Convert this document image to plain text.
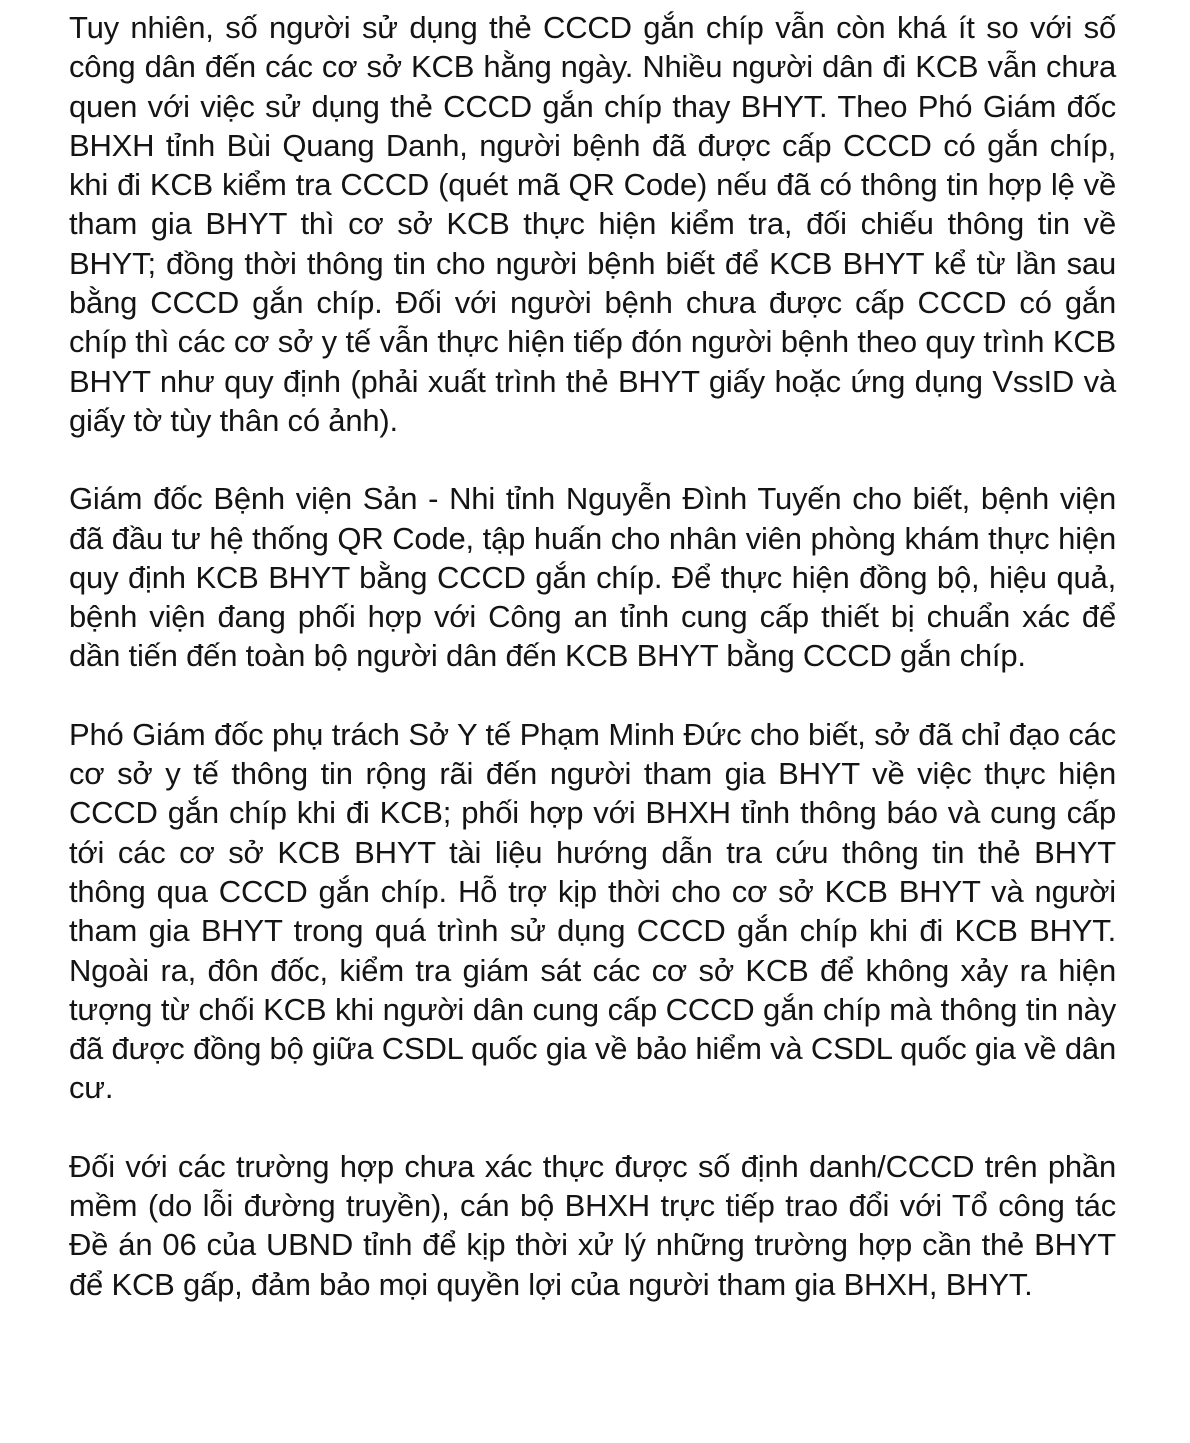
Tuy nhiên, số người sử dụng thẻ CCCD gắn chíp vẫn còn khá ít so với số công dân đến các cơ sở KCB hằng ngày. Nhiều người dân đi KCB vẫn chưa quen với việc sử dụng thẻ CCCD gắn chíp thay BHYT. Theo Phó Giám đốc BHXH tỉnh Bùi Quang Danh, người bệnh đã được cấp CCCD có gắn chíp, khi đi KCB kiểm tra CCCD (quét mã QR Code) nếu đã có thông tin hợp lệ về tham gia BHYT thì cơ sở KCB thực hiện kiểm tra, đối chiếu thông tin về BHYT; đồng thời thông tin cho người bệnh biết để KCB BHYT kể từ lần sau bằng CCCD gắn chíp. Đối với người bệnh chưa được cấp CCCD có gắn chíp thì các cơ sở y tế vẫn thực hiện tiếp đón người bệnh theo quy trình KCB BHYT như quy định (phải xuất trình thẻ BHYT giấy hoặc ứng dụng VssID và giấy tờ tùy thân có ảnh).

Giám đốc Bệnh viện Sản - Nhi tỉnh Nguyễn Đình Tuyến cho biết, bệnh viện đã đầu tư hệ thống QR Code, tập huấn cho nhân viên phòng khám thực hiện quy định KCB BHYT bằng CCCD gắn chíp. Để thực hiện đồng bộ, hiệu quả, bệnh viện đang phối hợp với Công an tỉnh cung cấp thiết bị chuẩn xác để dần tiến đến toàn bộ người dân đến KCB BHYT bằng CCCD gắn chíp.

Phó Giám đốc phụ trách Sở Y tế Phạm Minh Đức cho biết, sở đã chỉ đạo các cơ sở y tế thông tin rộng rãi đến người tham gia BHYT về việc thực hiện CCCD gắn chíp khi đi KCB; phối hợp với BHXH tỉnh thông báo và cung cấp tới các cơ sở KCB BHYT tài liệu hướng dẫn tra cứu thông tin thẻ BHYT thông qua CCCD gắn chíp. Hỗ trợ kịp thời cho cơ sở KCB BHYT và người tham gia BHYT trong quá trình sử dụng CCCD gắn chíp khi đi KCB BHYT. Ngoài ra, đôn đốc, kiểm tra giám sát các cơ sở KCB để không xảy ra hiện tượng từ chối KCB khi người dân cung cấp CCCD gắn chíp mà thông tin này đã được đồng bộ giữa CSDL quốc gia về bảo hiểm và CSDL quốc gia về dân cư.

Đối với các trường hợp chưa xác thực được số định danh/CCCD trên phần mềm (do lỗi đường truyền), cán bộ BHXH trực tiếp trao đổi với Tổ công tác Đề án 06 của UBND tỉnh để kịp thời xử lý những trường hợp cần thẻ BHYT để KCB gấp, đảm bảo mọi quyền lợi của người tham gia BHXH, BHYT.
